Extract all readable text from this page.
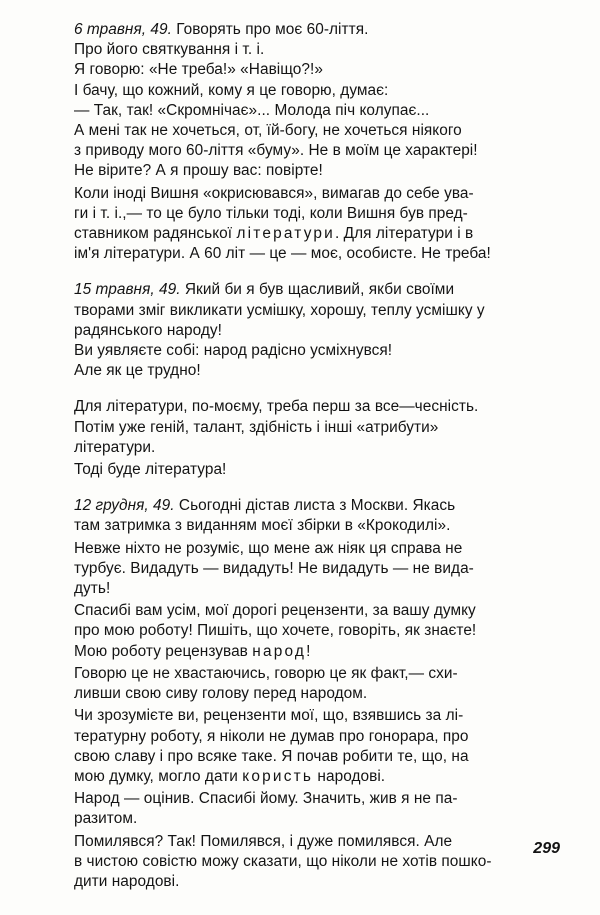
6 травня, 49. Говорять про моє 60-ліття.
Про його святкування і т. і.
Я говорю: «Не треба!» «Навіщо?!»
І бачу, що кожний, кому я це говорю, думає:
— Так, так! «Скромнічає»... Молода піч колупає...
А мені так не хочеться, от, їй-богу, не хочеться ніякого
з приводу мого 60-ліття «буму». Не в моїм це характері!
Не вірите? А я прошу вас: повірте!
Коли іноді Вишня «окрисювався», вимагав до себе ува-
ги і т. і.,— то це було тільки тоді, коли Вишня був пред-
ставником радянської літератури. Для літератури і в
ім'я літератури. А 60 літ — це — моє, особисте. Не треба!
15 травня, 49. Який би я був щасливий, якби своїми
творами зміг викликати усмішку, хорошу, теплу усмішку у
радянського народу!
Ви уявляєте собі: народ радісно усміхнувся!
Але як це трудно!
Для літератури, по-моєму, треба перш за все—чесність.
Потім уже геній, талант, здібність і інші «атрибути»
літератури.
Тоді буде література!
12 грудня, 49. Сьогодні дістав листа з Москви. Якась
там затримка з виданням моєї збірки в «Крокодилі».
Невже ніхто не розуміє, що мене аж ніяк ця справа не
турбує. Видадуть — видадуть! Не видадуть — не вида-
дуть!
Спасибі вам усім, мої дорогі рецензенти, за вашу думку
про мою роботу! Пишіть, що хочете, говоріть, як знаєте!
Мою роботу рецензував народ!
Говорю це не хвастаючись, говорю це як факт,— схи-
ливши свою сиву голову перед народом.
Чи зрозумієте ви, рецензенти мої, що, взявшись за лі-
тературну роботу, я ніколи не думав про гонорара, про
свою славу і про всяке таке. Я почав робити те, що, на
мою думку, могло дати користь народові.
Народ — оцінив. Спасибі йому. Значить, жив я не па-
разитом.
Помилявся? Так! Помилявся, і дуже помилявся. Але
в чистою совістю можу сказати, що ніколи не хотів пошко-
дити народові.
299
